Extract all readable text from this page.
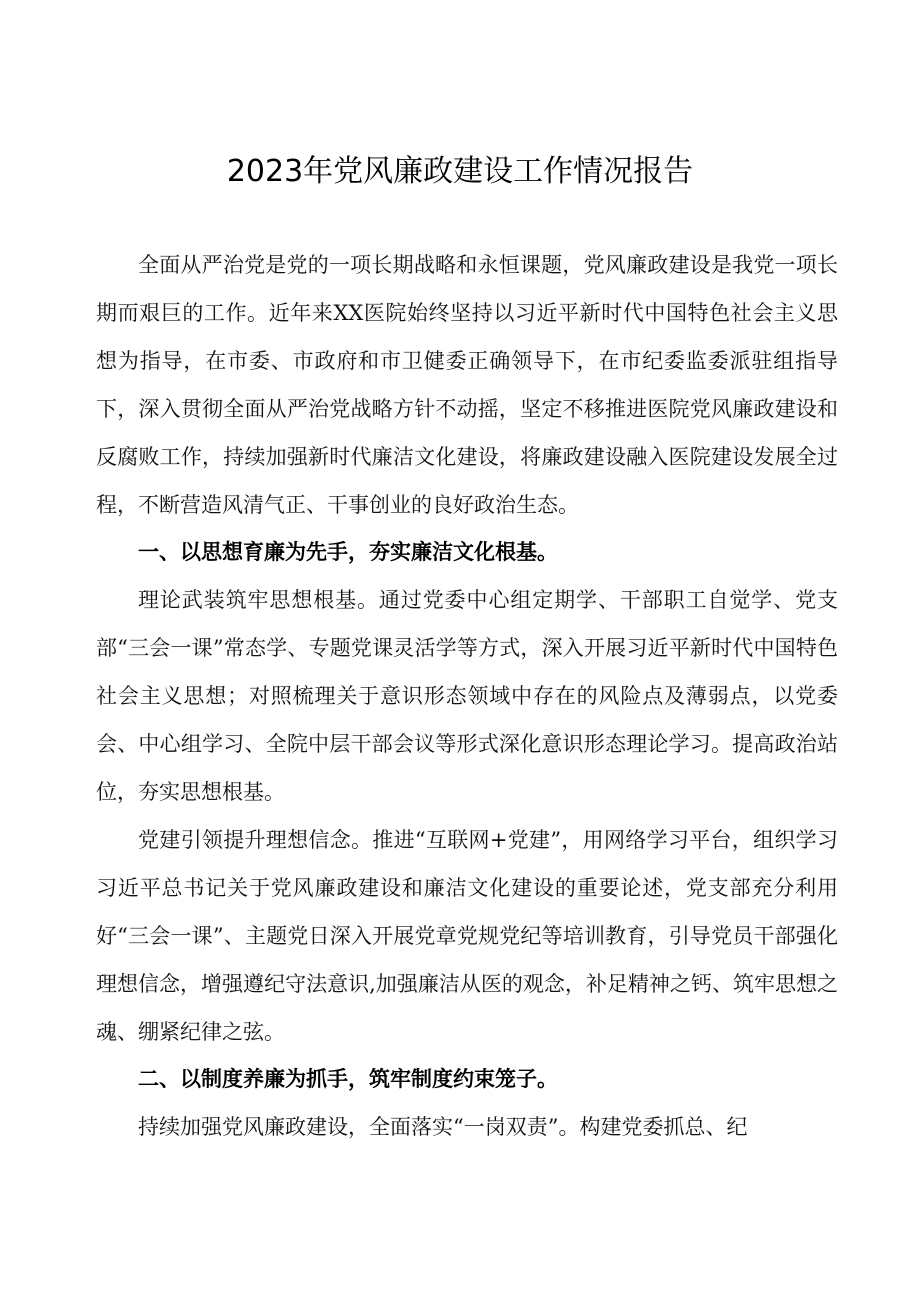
2023年党风廉政建设工作情况报告

全面从严治党是党的一项长期战略和永恒课题，党风廉政建设是我党一项长期而艰巨的工作。近年来XX医院始终坚持以习近平新时代中国特色社会主义思想为指导，在市委、市政府和市卫健委正确领导下，在市纪委监委派驻组指导下，深入贯彻全面从严治党战略方针不动摇，坚定不移推进医院党风廉政建设和反腐败工作，持续加强新时代廉洁文化建设，将廉政建设融入医院建设发展全过程，不断营造风清气正、干事创业的良好政治生态。

一、以思想育廉为先手，夯实廉洁文化根基。

理论武装筑牢思想根基。通过党委中心组定期学、干部职工自觉学、党支部“三会一课”常态学、专题党课灵活学等方式，深入开展习近平新时代中国特色社会主义思想；对照梳理关于意识形态领域中存在的风险点及薄弱点，以党委会、中心组学习、全院中层干部会议等形式深化意识形态理论学习。提高政治站位，夯实思想根基。

党建引领提升理想信念。推进“互联网+党建”，用网络学习平台，组织学习习近平总书记关于党风廉政建设和廉洁文化建设的重要论述，党支部充分利用好“三会一课”、主题党日深入开展党章党规党纪等培训教育，引导党员干部强化理想信念，增强遵纪守法意识,加强廉洁从医的观念，补足精神之钙、筑牢思想之魂、绷紧纪律之弦。

二、以制度养廉为抓手，筑牢制度约束笼子。

持续加强党风廉政建设，全面落实“一岗双责”。构建党委抓总、纪
